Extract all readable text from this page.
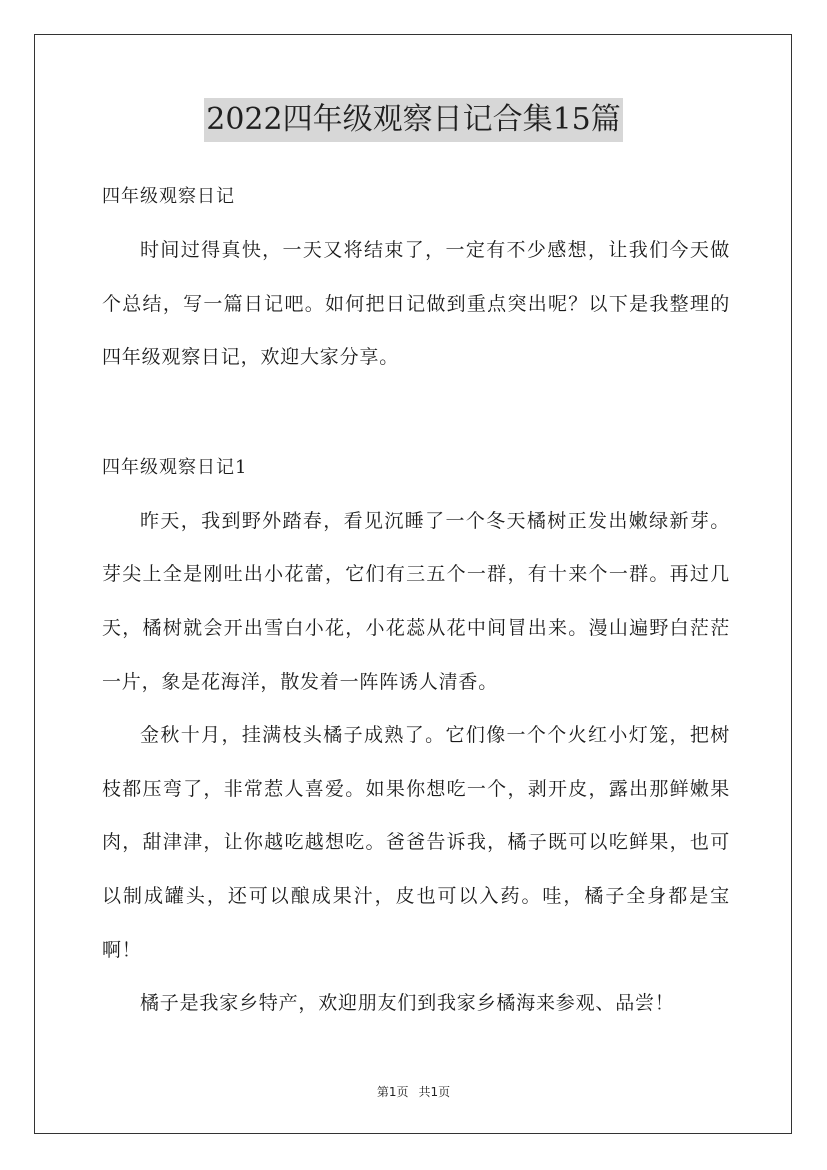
2022四年级观察日记合集15篇

四年级观察日记

时间过得真快，一天又将结束了，一定有不少感想，让我们今天做个总结，写一篇日记吧。如何把日记做到重点突出呢？以下是我整理的四年级观察日记，欢迎大家分享。

四年级观察日记1

昨天，我到野外踏春，看见沉睡了一个冬天橘树正发出嫩绿新芽。芽尖上全是刚吐出小花蕾，它们有三五个一群，有十来个一群。再过几天，橘树就会开出雪白小花，小花蕊从花中间冒出来。漫山遍野白茫茫一片，象是花海洋，散发着一阵阵诱人清香。

金秋十月，挂满枝头橘子成熟了。它们像一个个火红小灯笼，把树枝都压弯了，非常惹人喜爱。如果你想吃一个，剥开皮，露出那鲜嫩果肉，甜津津，让你越吃越想吃。爸爸告诉我，橘子既可以吃鲜果，也可以制成罐头，还可以酿成果汁，皮也可以入药。哇，橘子全身都是宝啊！

橘子是我家乡特产，欢迎朋友们到我家乡橘海来参观、品尝！

第1页 共1页
